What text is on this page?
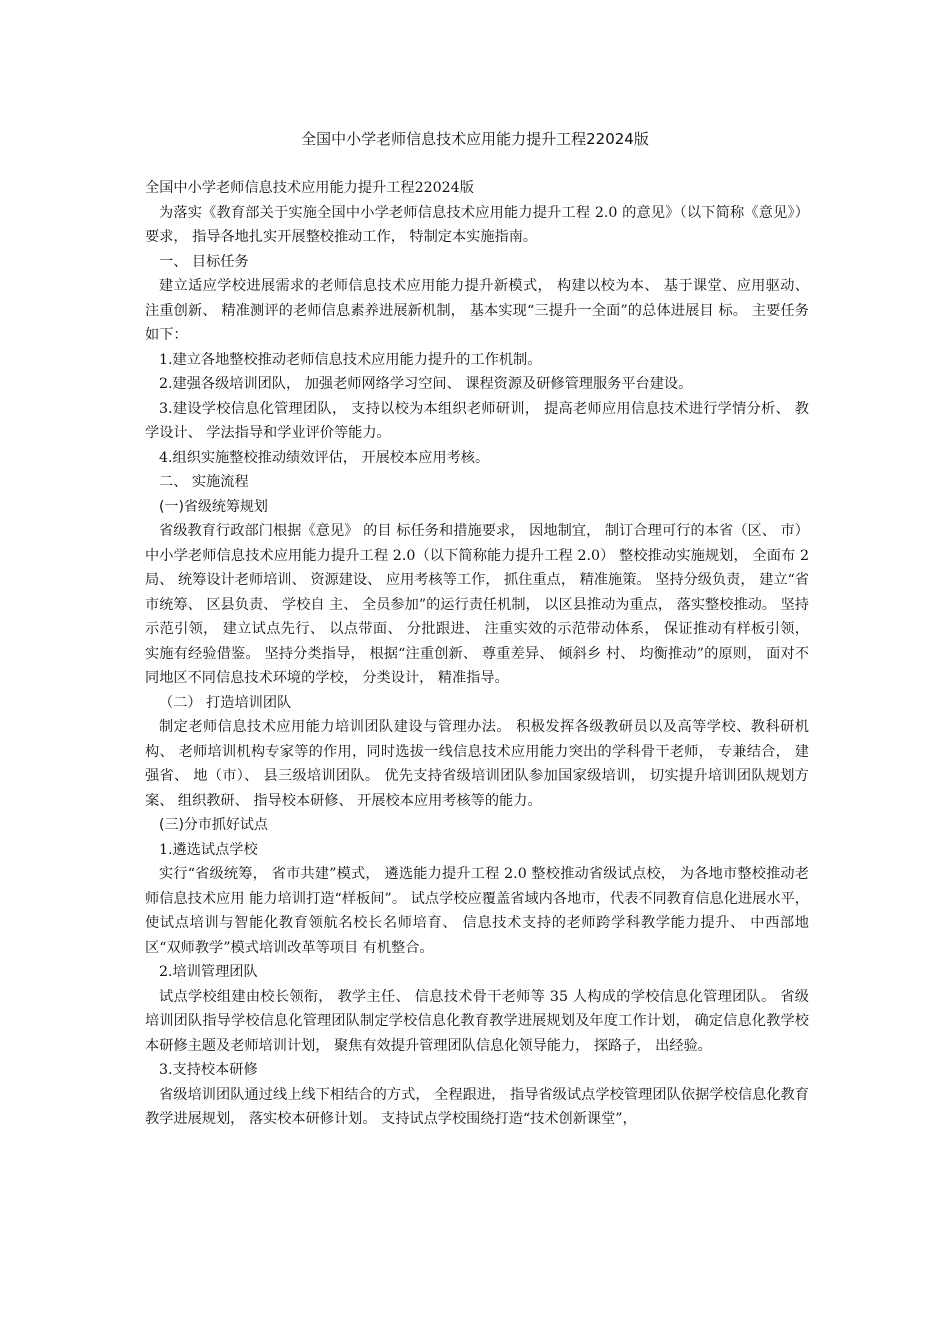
全国中小学老师信息技术应用能力提升工程22024版

全国中小学老师信息技术应用能力提升工程22024版

为落实《教育部关于实施全国中小学老师信息技术应用能力提升工程 2.0 的意见》（以下简称《意见》） 要求， 指导各地扎实开展整校推动工作， 特制定本实施指南。

一、 目标任务

建立适应学校进展需求的老师信息技术应用能力提升新模式， 构建以校为本、 基于课堂、应用驱动、 注重创新、 精准测评的老师信息素养进展新机制， 基本实现“三提升一全面”的总体进展目 标。 主要任务如下：

1.建立各地整校推动老师信息技术应用能力提升的工作机制。

2.建强各级培训团队， 加强老师网络学习空间、 课程资源及研修管理服务平台建设。

3.建设学校信息化管理团队， 支持以校为本组织老师研训， 提高老师应用信息技术进行学情分析、 教学设计、 学法指导和学业评价等能力。

4.组织实施整校推动绩效评估， 开展校本应用考核。

二、 实施流程

(一)省级统筹规划

省级教育行政部门根据《意见》 的目 标任务和措施要求， 因地制宜， 制订合理可行的本省（区、 市） 中小学老师信息技术应用能力提升工程 2.0（以下简称能力提升工程 2.0） 整校推动实施规划， 全面布 2 局、 统筹设计老师培训、 资源建设、 应用考核等工作， 抓住重点， 精准施策。 坚持分级负责， 建立“省市统筹、 区县负责、 学校自 主、 全员参加”的运行责任机制， 以区县推动为重点， 落实整校推动。 坚持示范引领， 建立试点先行、 以点带面、 分批跟进、 注重实效的示范带动体系， 保证推动有样板引领， 实施有经验借鉴。 坚持分类指导， 根据“注重创新、 尊重差异、 倾斜乡 村、 均衡推动”的原则， 面对不同地区不同信息技术环境的学校， 分类设计， 精准指导。

（二） 打造培训团队

制定老师信息技术应用能力培训团队建设与管理办法。 积极发挥各级教研员以及高等学校、教科研机构、 老师培训机构专家等的作用，同时选拔一线信息技术应用能力突出的学科骨干老师， 专兼结合， 建强省、 地（市）、 县三级培训团队。 优先支持省级培训团队参加国家级培训， 切实提升培训团队规划方案、 组织教研、 指导校本研修、 开展校本应用考核等的能力。

(三)分市抓好试点

1.遴选试点学校

实行“省级统筹， 省市共建”模式， 遴选能力提升工程 2.0 整校推动省级试点校， 为各地市整校推动老师信息技术应用 能力培训打造“样板间”。 试点学校应覆盖省域内各地市，代表不同教育信息化进展水平， 使试点培训与智能化教育领航名校长名师培育、 信息技术支持的老师跨学科教学能力提升、 中西部地区“双师教学”模式培训改革等项目 有机整合。

2.培训管理团队

试点学校组建由校长领衔， 教学主任、 信息技术骨干老师等 35 人构成的学校信息化管理团队。 省级培训团队指导学校信息化管理团队制定学校信息化教育教学进展规划及年度工作计划， 确定信息化教学校本研修主题及老师培训计划， 聚焦有效提升管理团队信息化领导能力， 探路子， 出经验。

3.支持校本研修

省级培训团队通过线上线下相结合的方式， 全程跟进， 指导省级试点学校管理团队依据学校信息化教育教学进展规划， 落实校本研修计划。 支持试点学校围绕打造“技术创新课堂”，
